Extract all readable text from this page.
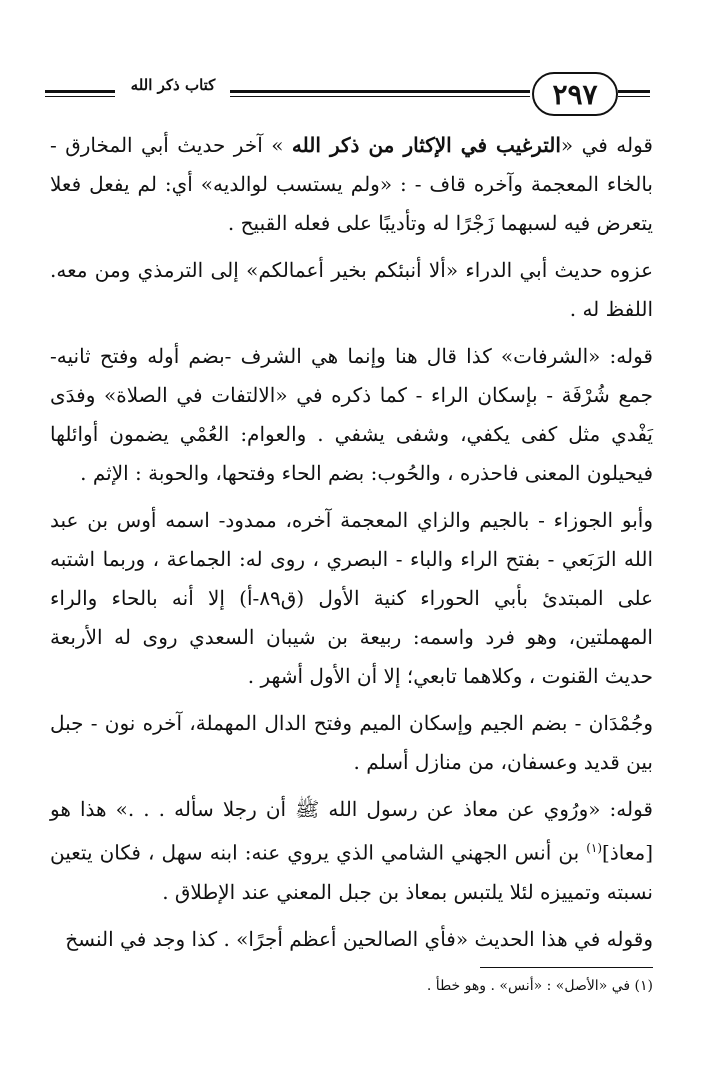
٢٩٧
كتاب ذكر الله

قوله في «الترغيب في الإكثار من ذكر الله » آخر حديث أبي المخارق - بالخاء المعجمة وآخره قاف - : «ولم يستسب لوالديه» أي: لم يفعل فعلا يتعرض فيه لسبهما زَجْرًا له وتأديبًا على فعله القبيح .

عزوه حديث أبي الدراء «ألا أنبئكم بخير أعمالكم» إلى الترمذي ومن معه. اللفظ له .

قوله: «الشرفات» كذا قال هنا وإنما هي الشرف -بضم أوله وفتح ثانيه- جمع شُرْفَة - بإسكان الراء - كما ذكره في «الالتفات في الصلاة» وفدَى يَفْدي مثل كفى يكفي، وشفى يشفي . والعوام: العُمْي يضمون أوائلها فيحيلون المعنى فاحذره ، والحُوب: بضم الحاء وفتحها، والحوبة : الإثم .

وأبو الجوزاء - بالجيم والزاي المعجمة آخره، ممدود- اسمه أوس بن عبد الله الرَبَعي - بفتح الراء والباء - البصري ، روى له: الجماعة ، وربما اشتبه على المبتدئ بأبي الحوراء كنية الأول (ق٨٩-أ) إلا أنه بالحاء والراء المهملتين، وهو فرد واسمه: ربيعة بن شيبان السعدي روى له الأربعة حديث القنوت ، وكلاهما تابعي؛ إلا أن الأول أشهر .

وجُمْدَان - بضم الجيم وإسكان الميم وفتح الدال المهملة، آخره نون - جبل بين قديد وعسفان، من منازل أسلم .

قوله: «ورُوي عن معاذ عن رسول الله ﷺ أن رجلا سأله . . .» هذا هو [معاذ]$^{(١)}$ بن أنس الجهني الشامي الذي يروي عنه: ابنه سهل ، فكان يتعين نسبته وتمييزه لئلا يلتبس بمعاذ بن جبل المعني عند الإطلاق .

وقوله في هذا الحديث «فأي الصالحين أعظم أجرًا» . كذا وجد في النسخ

(١) في «الأصل» : «أنس» . وهو خطأ .
